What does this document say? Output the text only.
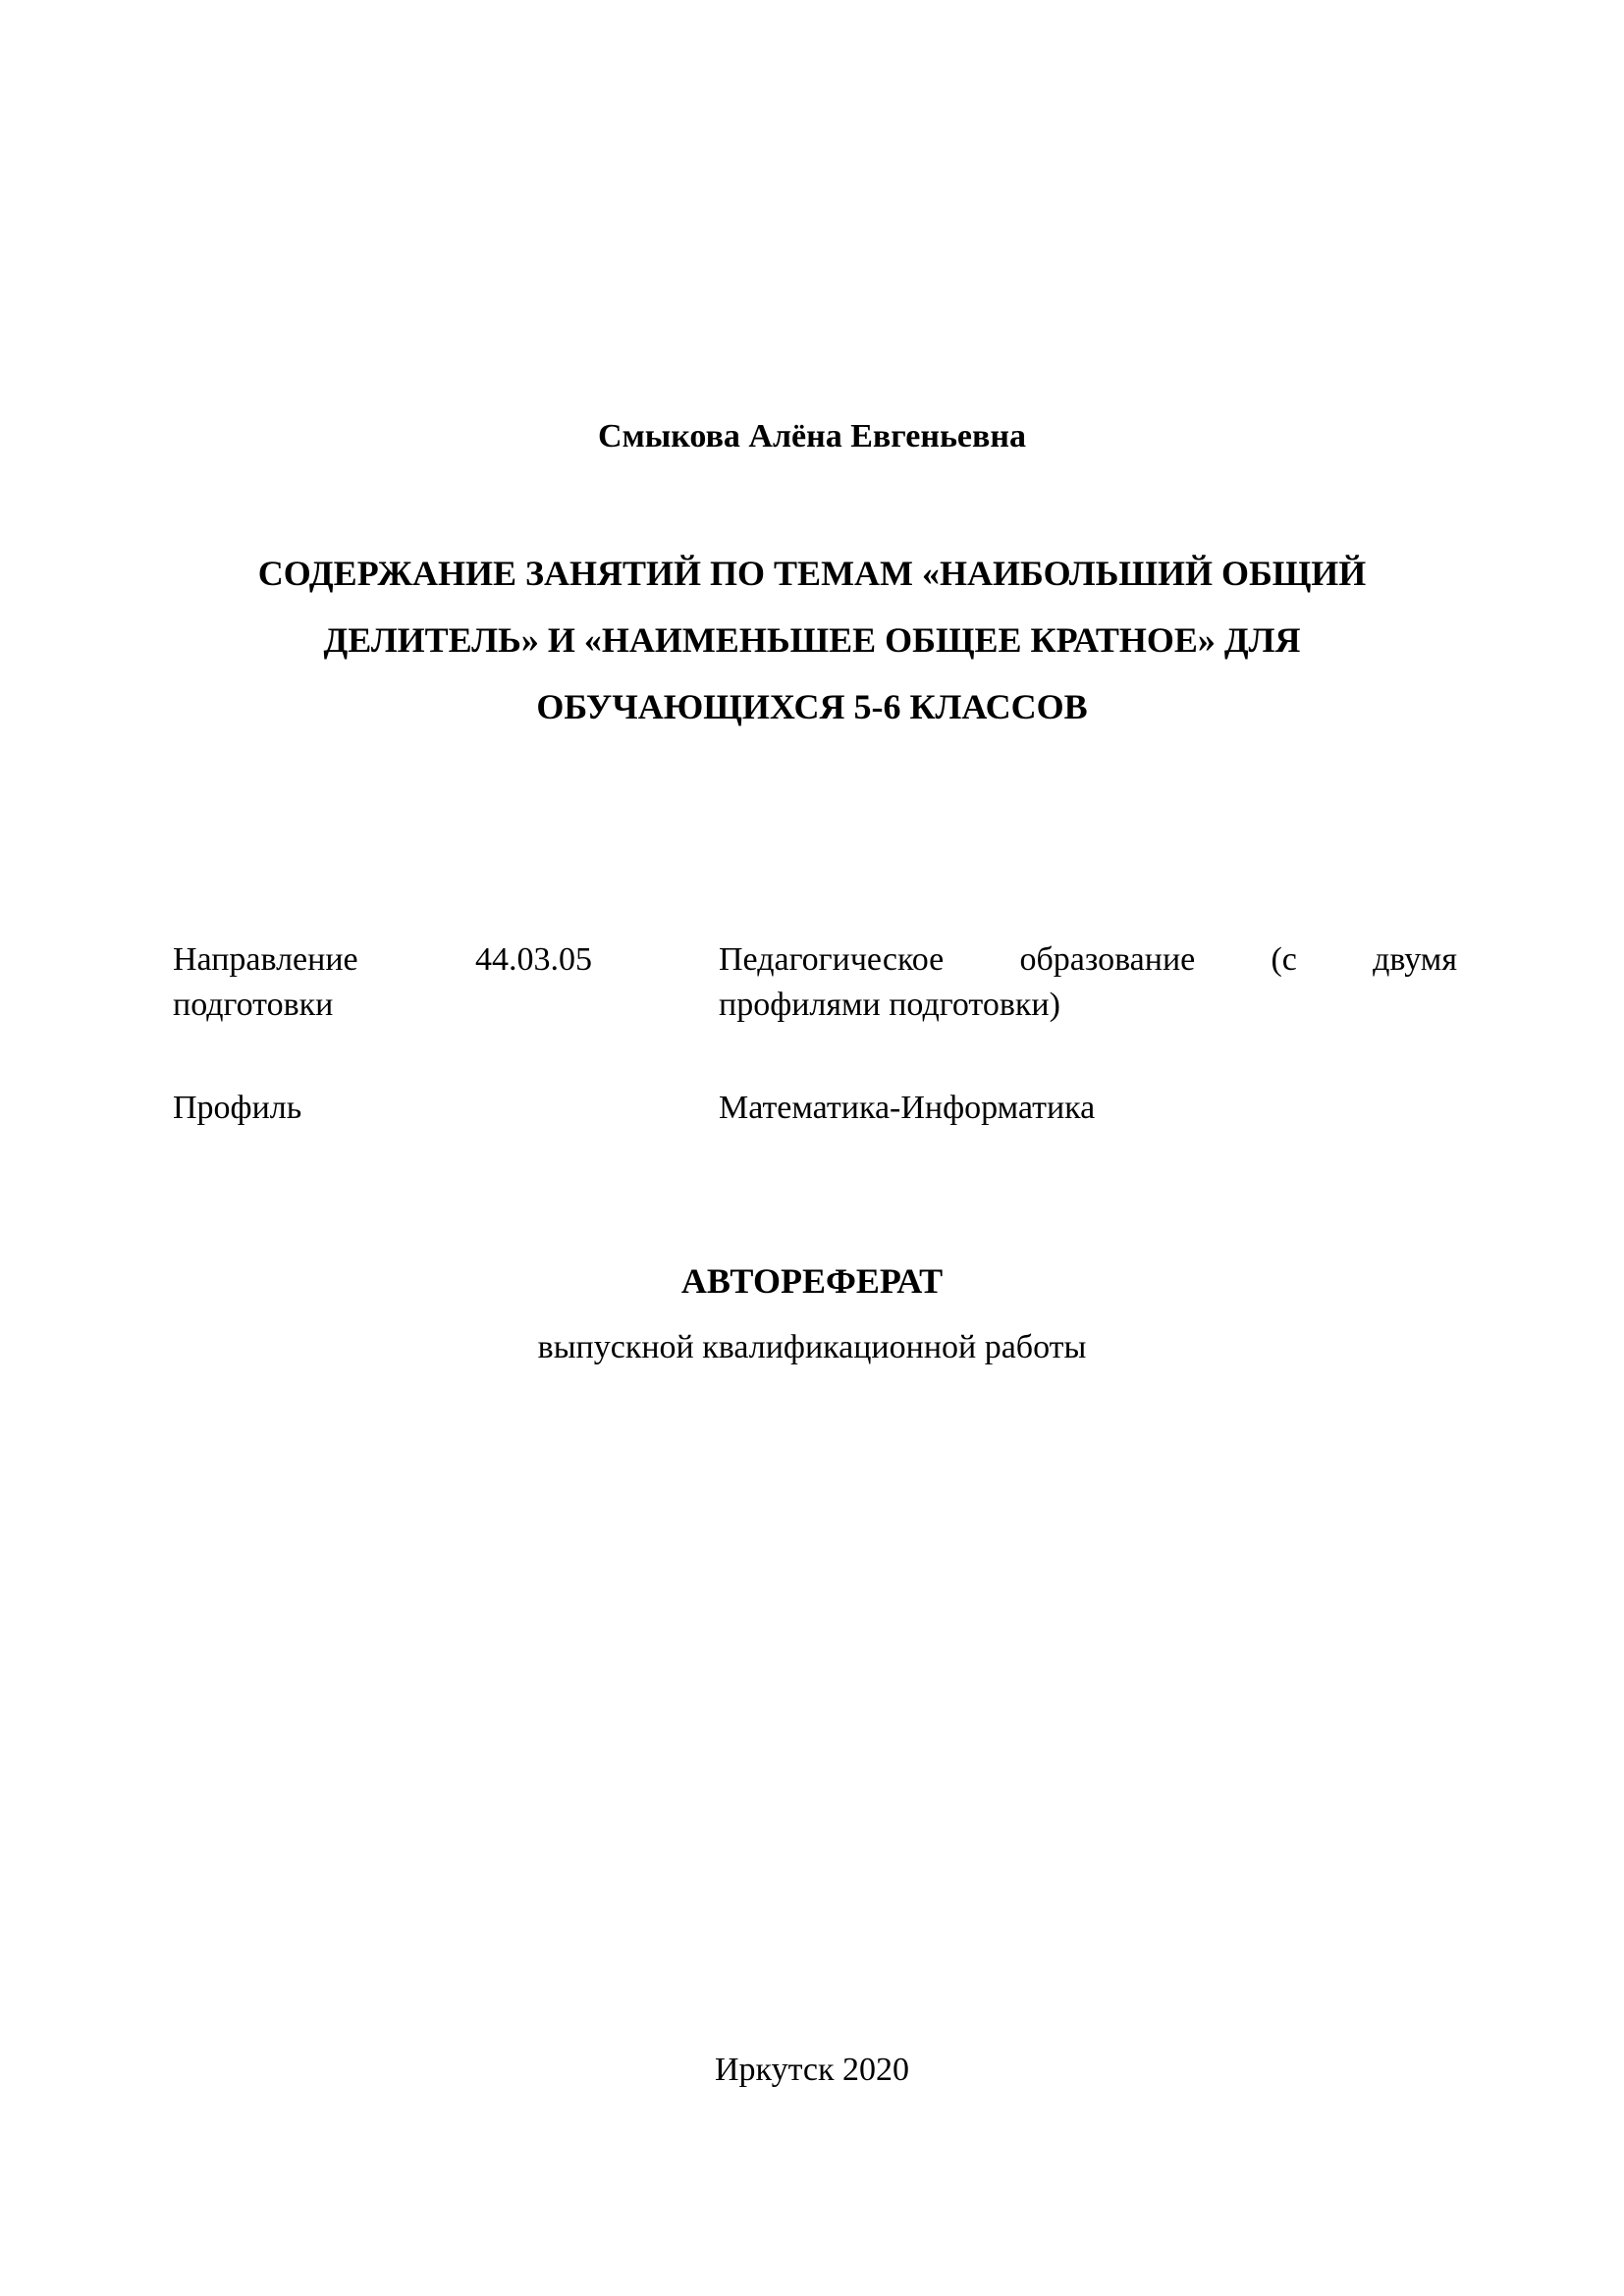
Смыкова Алёна Евгеньевна
СОДЕРЖАНИЕ ЗАНЯТИЙ ПО ТЕМАМ «НАИБОЛЬШИЙ ОБЩИЙ
ДЕЛИТЕЛЬ» И «НАИМЕНЬШЕЕ ОБЩЕЕ КРАТНОЕ» ДЛЯ
ОБУЧАЮЩИХСЯ 5-6 КЛАССОВ
Направление
подготовки
44.03.05	Педагогическое образование (с двумя
профилями подготовки)
Профиль	Математика-Информатика
АВТОРЕФЕРАТ
выпускной квалификационной работы
Иркутск 2020
